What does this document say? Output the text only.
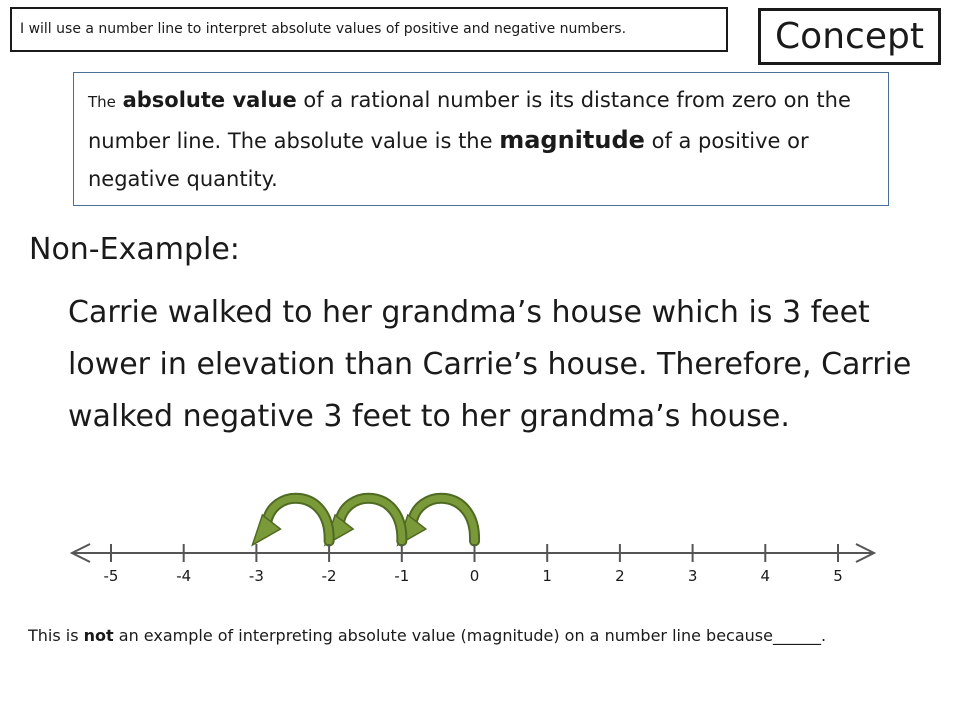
I will use a number line to interpret absolute values of positive and negative numbers.	Concept
The absolute value of a rational number is its distance from zero on the number line. The absolute value is the magnitude of a positive or negative quantity.
Non-Example:

Carrie walked to her grandma’s house which is 3 feet lower in elevation than Carrie’s house. Therefore, Carrie walked negative 3 feet to her grandma’s house.

-5	-4	-3	-2	-1	0	1	2	3	4	5

This is not an example of interpreting absolute value (magnitude) on a number line because______.
